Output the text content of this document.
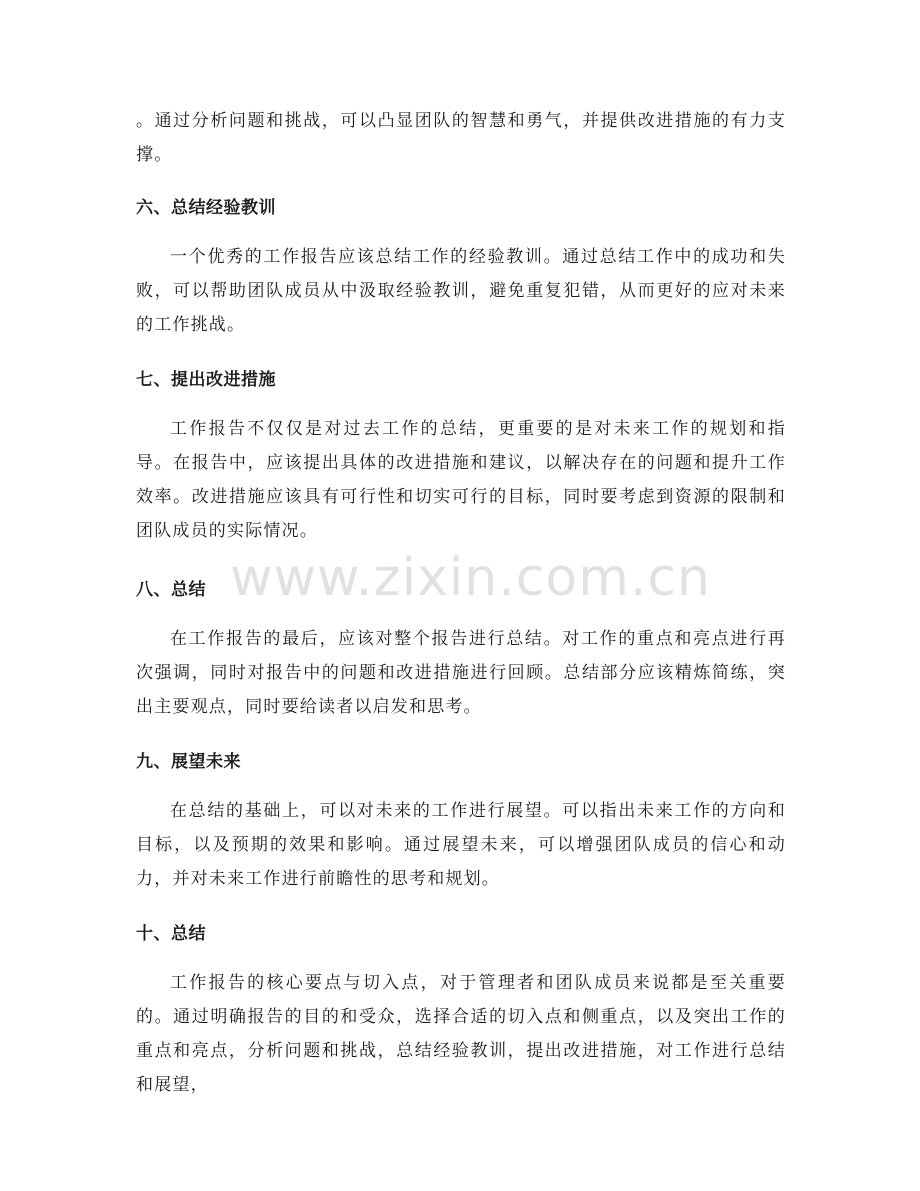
。通过分析问题和挑战，可以凸显团队的智慧和勇气，并提供改进措施的有力支撑。

六、总结经验教训

一个优秀的工作报告应该总结工作的经验教训。通过总结工作中的成功和失败，可以帮助团队成员从中汲取经验教训，避免重复犯错，从而更好的应对未来的工作挑战。

七、提出改进措施

工作报告不仅仅是对过去工作的总结，更重要的是对未来工作的规划和指导。在报告中，应该提出具体的改进措施和建议，以解决存在的问题和提升工作效率。改进措施应该具有可行性和切实可行的目标，同时要考虑到资源的限制和团队成员的实际情况。

八、总结

在工作报告的最后，应该对整个报告进行总结。对工作的重点和亮点进行再次强调，同时对报告中的问题和改进措施进行回顾。总结部分应该精炼简练，突出主要观点，同时要给读者以启发和思考。

九、展望未来

在总结的基础上，可以对未来的工作进行展望。可以指出未来工作的方向和目标，以及预期的效果和影响。通过展望未来，可以增强团队成员的信心和动力，并对未来工作进行前瞻性的思考和规划。

十、总结

工作报告的核心要点与切入点，对于管理者和团队成员来说都是至关重要的。通过明确报告的目的和受众，选择合适的切入点和侧重点，以及突出工作的重点和亮点，分析问题和挑战，总结经验教训，提出改进措施，对工作进行总结和展望，

www.zixin.com.cn
